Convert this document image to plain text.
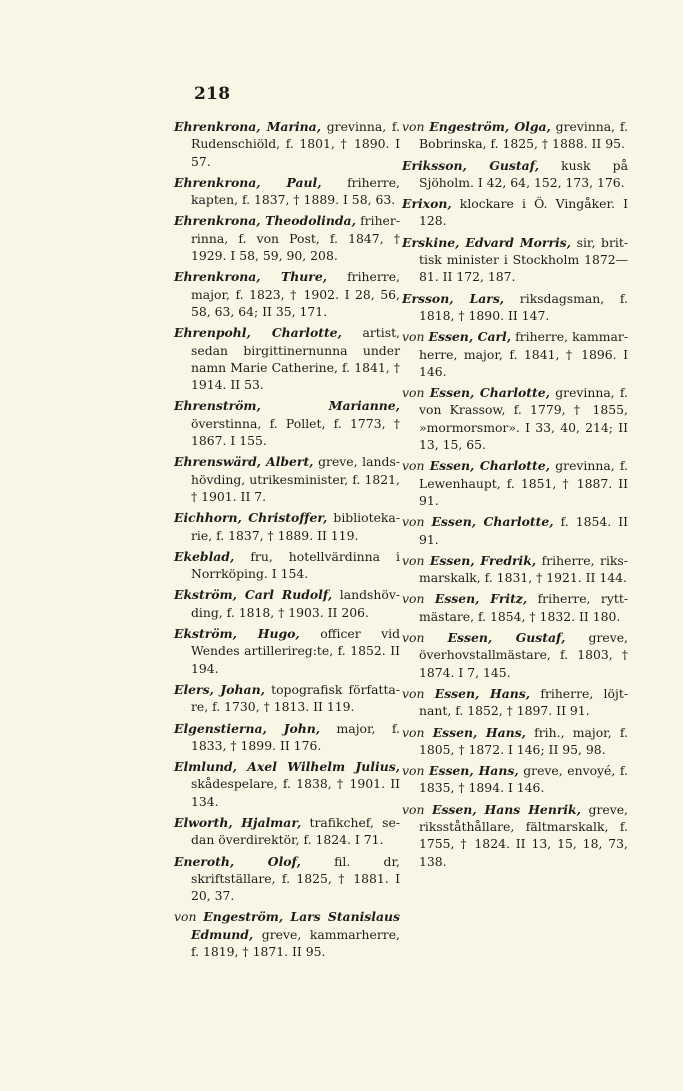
218

Ehrenkrona, Marina, grevinna, f. Rudenschiöld, f. 1801, † 1890. I 57.

Ehrenkrona, Paul, friherre, kapten, f. 1837, † 1889. I 58, 63.

Ehrenkrona, Theodolinda, friherrinna, f. von Post, f. 1847, † 1929. I 58, 59, 90, 208.

Ehrenkrona, Thure, friherre, major, f. 1823, † 1902. I 28, 56, 58, 63, 64; II 35, 171.

Ehrenpohl, Charlotte, artist, sedan birgittinernunna under namn Marie Catherine, f. 1841, † 1914. II 53.

Ehrenström, Marianne, överstinna, f. Pollet, f. 1773, † 1867. I 155.

Ehrenswärd, Albert, greve, landshövding, utrikesminister, f. 1821, † 1901. II 7.

Eichhorn, Christoffer, bibliotekarie, f. 1837, † 1889. II 119.

Ekeblad, fru, hotellvärdinna i Norrköping. I 154.

Ekström, Carl Rudolf, landshövding, f. 1818, † 1903. II 206.

Ekström, Hugo, officer vid Wendes artillerireg:te, f. 1852. II 194.

Elers, Johan, topografisk författare, f. 1730, † 1813. II 119.

Elgenstierna, John, major, f. 1833, † 1899. II 176.

Elmlund, Axel Wilhelm Julius, skådespelare, f. 1838, † 1901. II 134.

Elworth, Hjalmar, trafikchef, sedan överdirektör, f. 1824. I 71.

Eneroth, Olof, fil. dr, skriftställare, f. 1825, † 1881. I 20, 37.

von Engeström, Lars Stanislaus Edmund, greve, kammarherre, f. 1819, † 1871. II 95.

von Engeström, Olga, grevinna, f. Bobrinska, f. 1825, † 1888. II 95.

Eriksson, Gustaf, kusk på Sjöholm. I 42, 64, 152, 173, 176.

Erixon, klockare i Ö. Vingåker. I 128.

Erskine, Edvard Morris, sir, brittisk minister i Stockholm 1872—81. II 172, 187.

Ersson, Lars, riksdagsman, f. 1818, † 1890. II 147.

von Essen, Carl, friherre, kammarherre, major, f. 1841, † 1896. I 146.

von Essen, Charlotte, grevinna, f. von Krassow, f. 1779, † 1855, »mormorsmor». I 33, 40, 214; II 13, 15, 65.

von Essen, Charlotte, grevinna, f. Lewenhaupt, f. 1851, † 1887. II 91.

von Essen, Charlotte, f. 1854. II 91.

von Essen, Fredrik, friherre, riksmarskalk, f. 1831, † 1921. II 144.

von Essen, Fritz, friherre, ryttmästare, f. 1854, † 1832. II 180.

von Essen, Gustaf, greve, överhovstallmästare, f. 1803, † 1874. I 7, 145.

von Essen, Hans, friherre, löjtnant, f. 1852, † 1897. II 91.

von Essen, Hans, frih., major, f. 1805, † 1872. I 146; II 95, 98.

von Essen, Hans, greve, envoyé, f. 1835, † 1894. I 146.

von Essen, Hans Henrik, greve, riksståthållare, fältmarskalk, f. 1755, † 1824. II 13, 15, 18, 73, 138.
